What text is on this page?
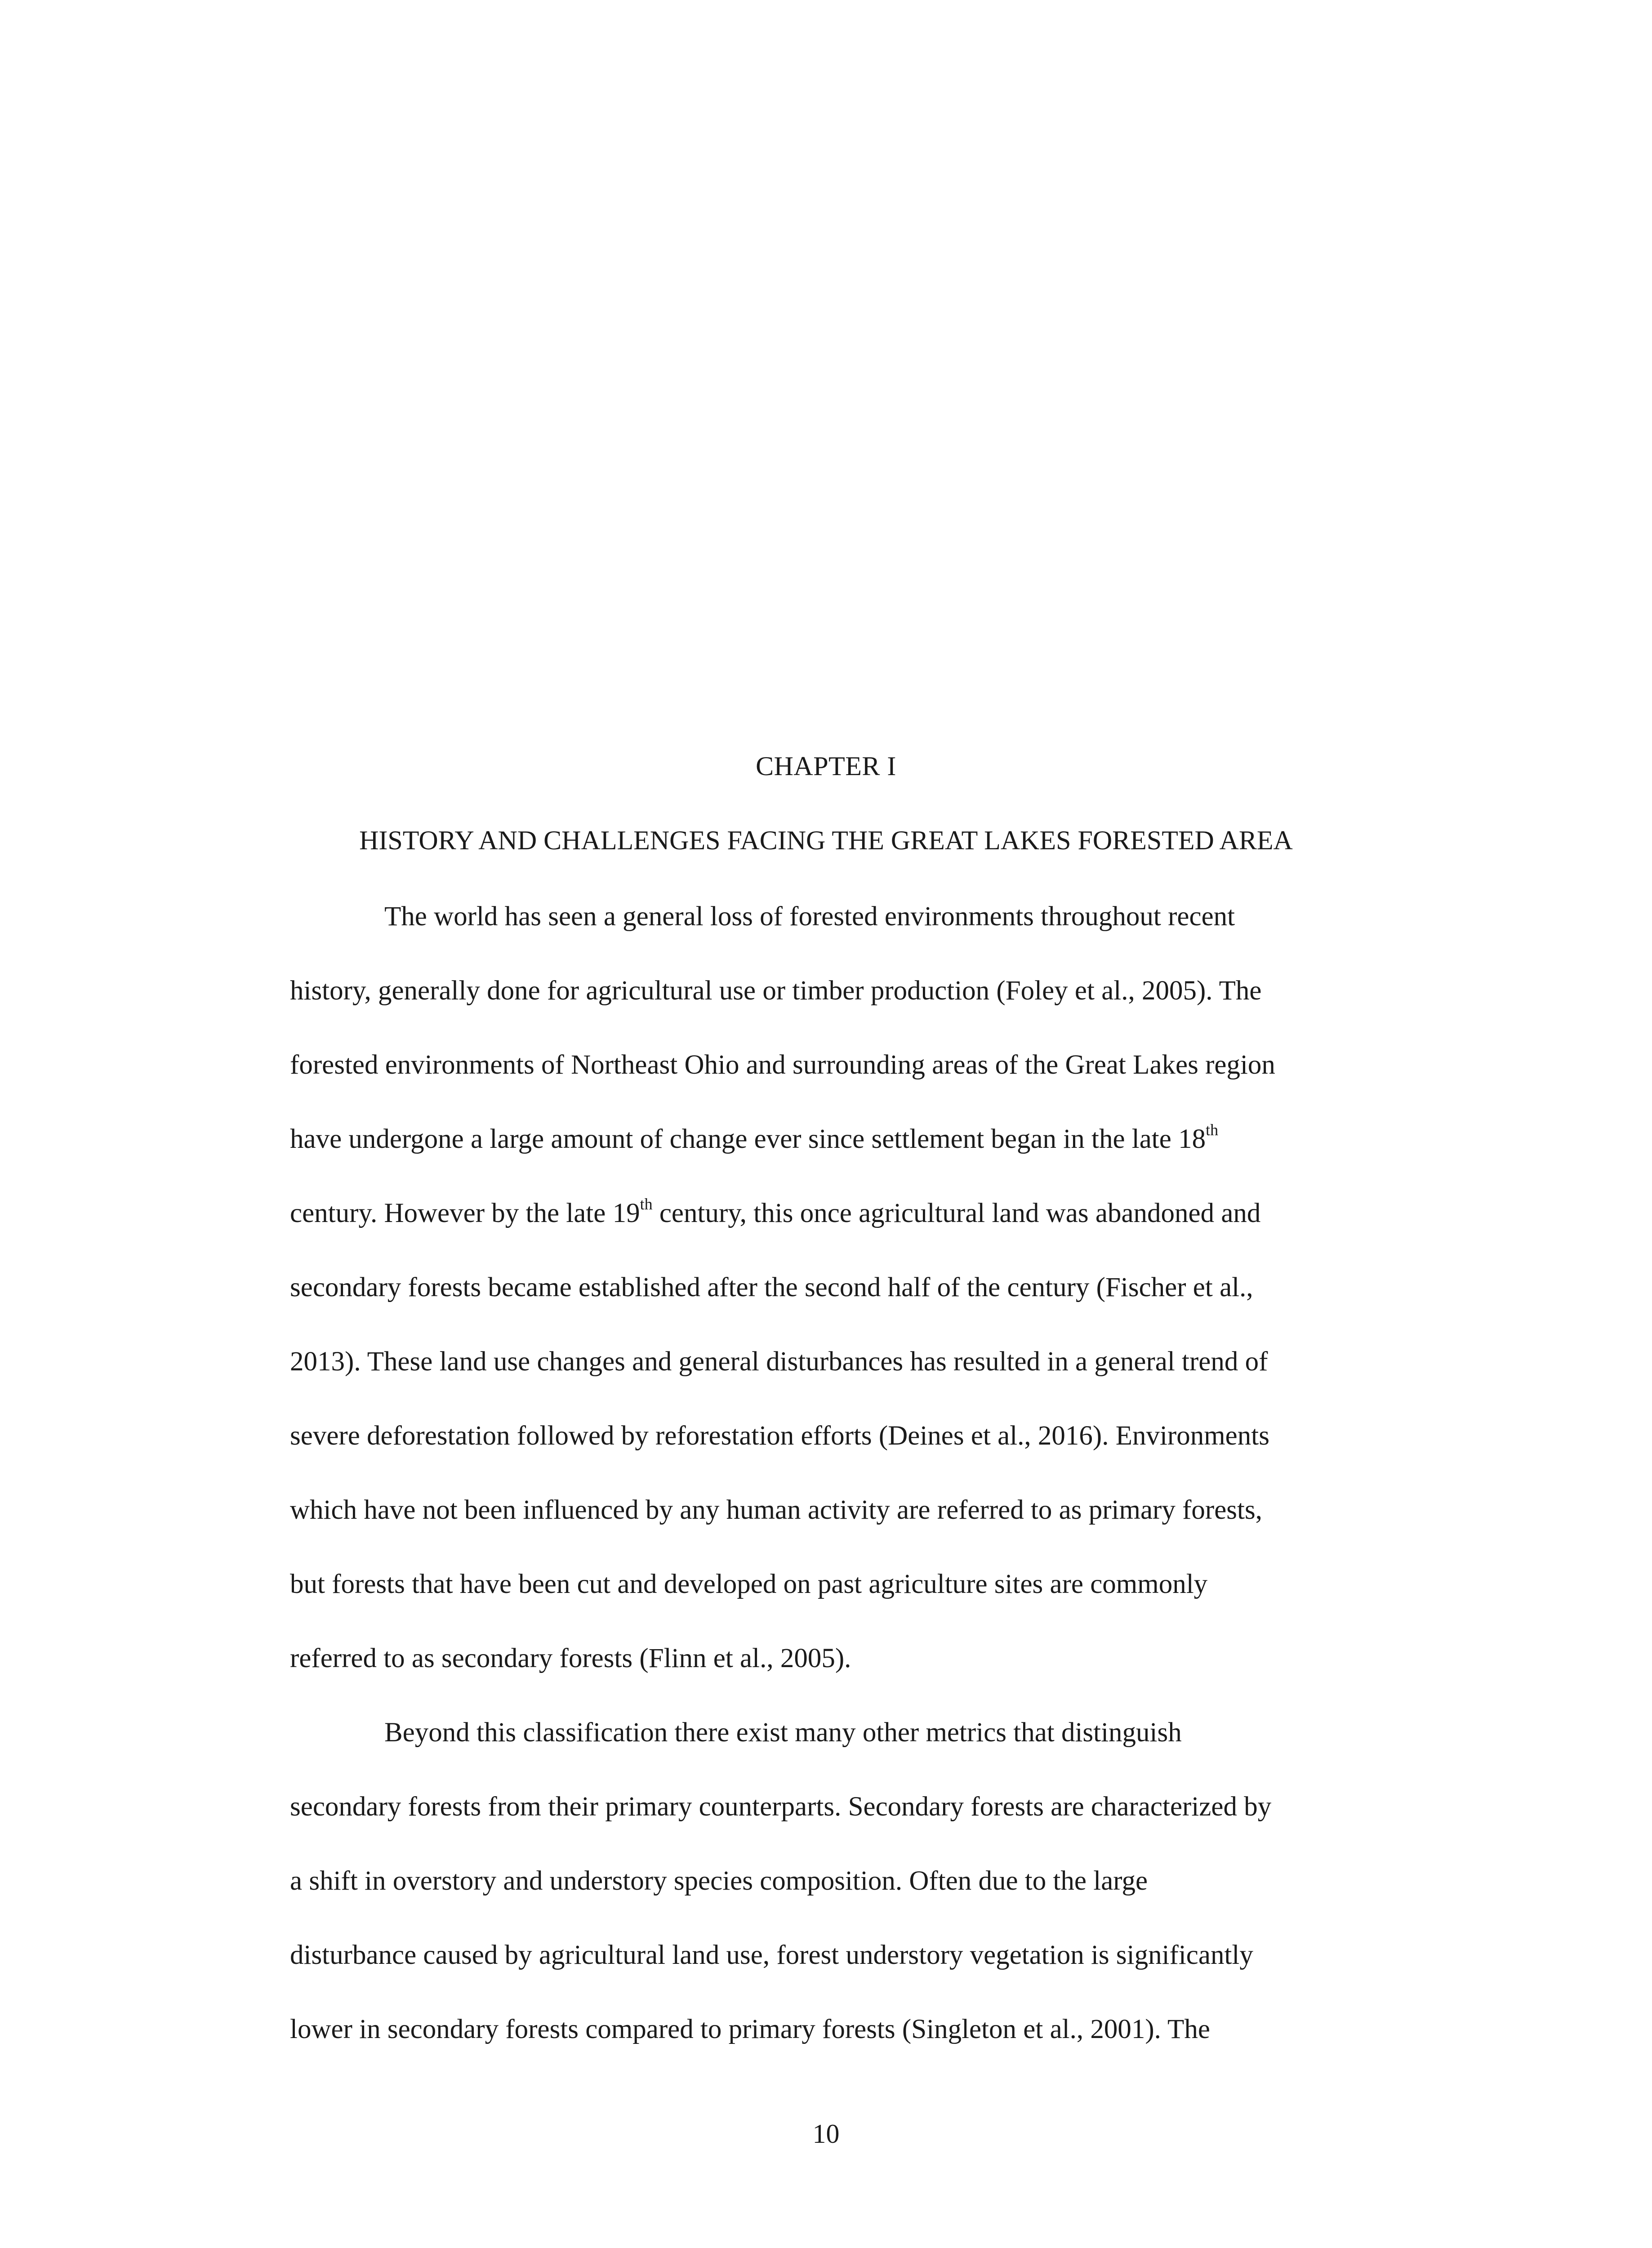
CHAPTER I
HISTORY AND CHALLENGES FACING THE GREAT LAKES FORESTED AREA
The world has seen a general loss of forested environments throughout recent
history, generally done for agricultural use or timber production (Foley et al., 2005). The
forested environments of Northeast Ohio and surrounding areas of the Great Lakes region
have undergone a large amount of change ever since settlement began in the late 18th
century. However by the late 19th century, this once agricultural land was abandoned and
secondary forests became established after the second half of the century (Fischer et al.,
2013). These land use changes and general disturbances has resulted in a general trend of
severe deforestation followed by reforestation efforts (Deines et al., 2016). Environments
which have not been influenced by any human activity are referred to as primary forests,
but forests that have been cut and developed on past agriculture sites are commonly
referred to as secondary forests (Flinn et al., 2005).
Beyond this classification there exist many other metrics that distinguish
secondary forests from their primary counterparts. Secondary forests are characterized by
a shift in overstory and understory species composition. Often due to the large
disturbance caused by agricultural land use, forest understory vegetation is significantly
lower in secondary forests compared to primary forests (Singleton et al., 2001). The
10
